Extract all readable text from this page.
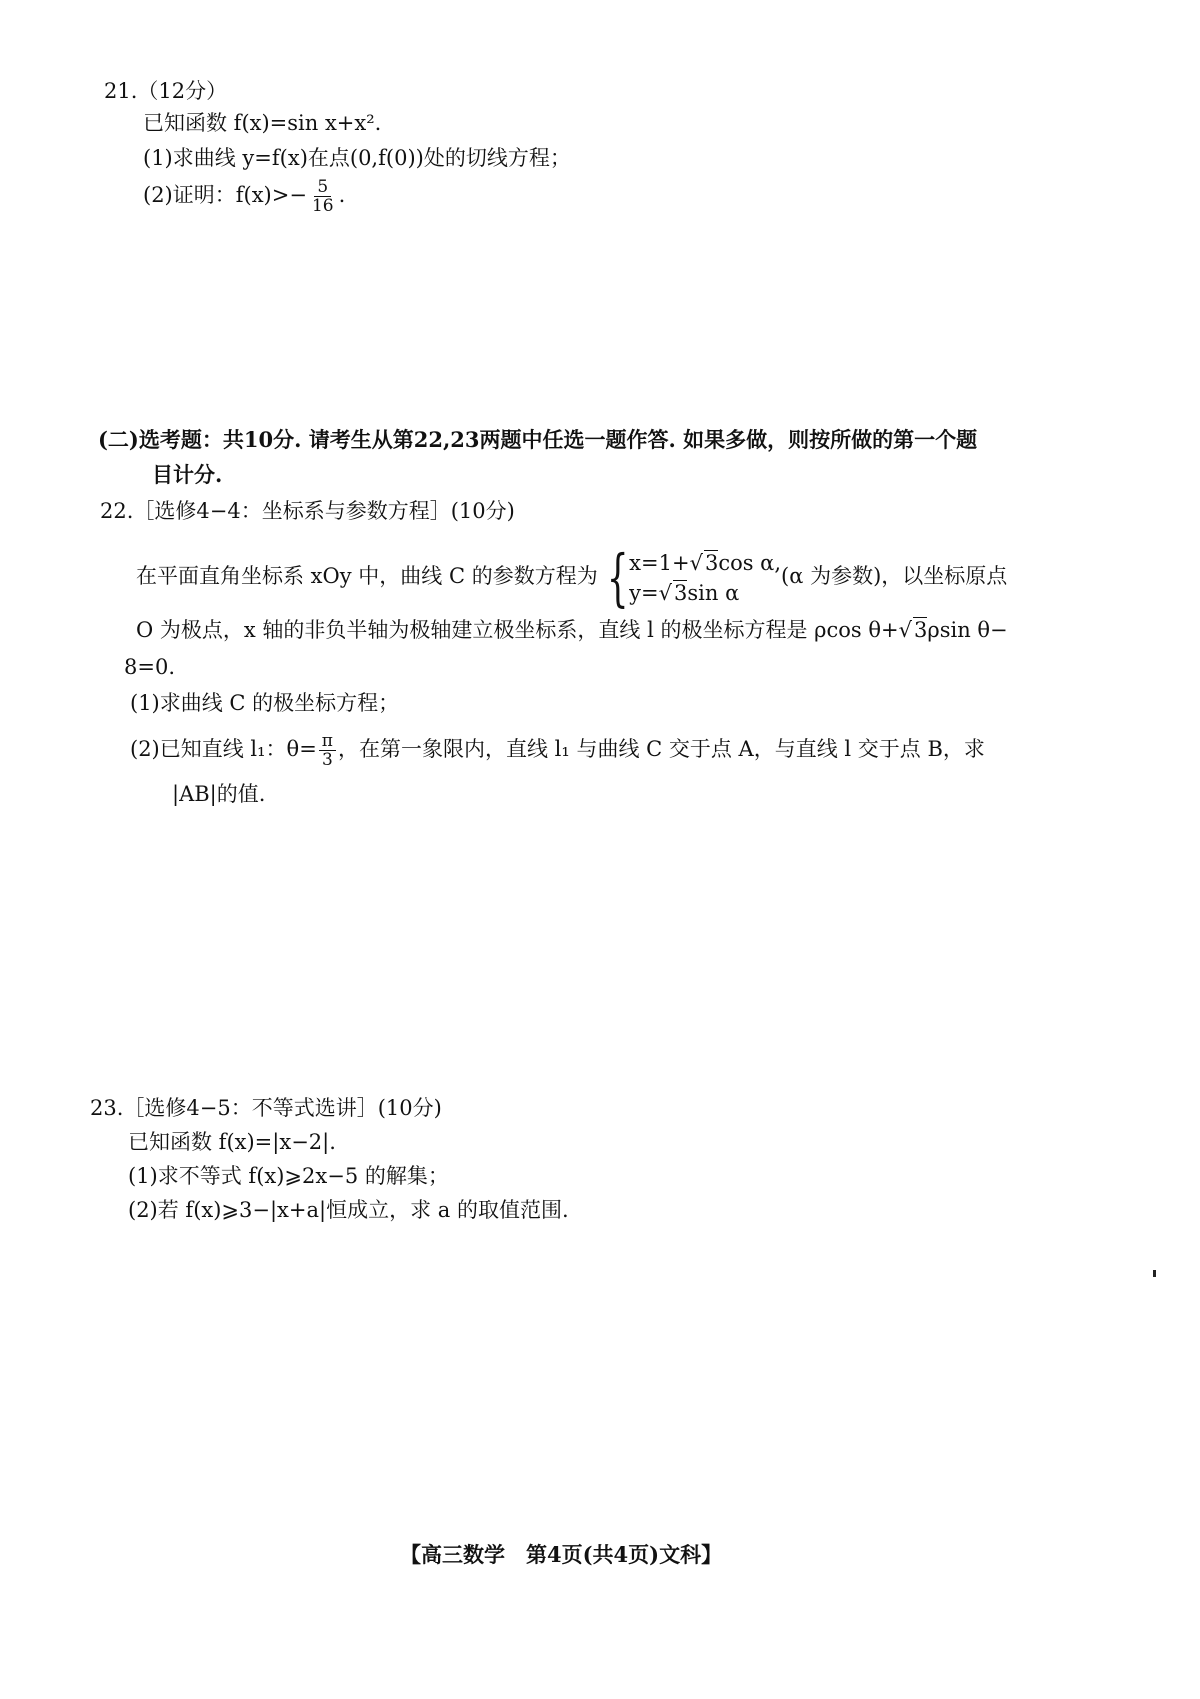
21.（12分）
已知函数 f(x)=sin x+x².
(1)求曲线 y=f(x)在点(0,f(0))处的切线方程；
(2)证明：$f(x)>- \frac{5}{16}$ .
(二)选考题：共10分. 请考生从第22,23两题中任选一题作答. 如果多做，则按所做的第一个题
目计分.
22.［选修4−4：坐标系与参数方程］(10分)
在平面直角坐标系 xOy 中，曲线 C 的参数方程为 { x=1+√3cos α,
y=√3sin α
(α 为参数)，以坐标原点
O 为极点，x 轴的非负半轴为极轴建立极坐标系，直线 l 的极坐标方程是 ρcos θ+√3ρsin θ−
8=0.
(1)求曲线 C 的极坐标方程；
(2)已知直线 l₁：$\theta= \frac{\pi}{3}$ ，在第一象限内，直线 l₁ 与曲线 C 交于点 A，与直线 l 交于点 B，求
|AB|的值.
23.［选修4−5：不等式选讲］(10分)
已知函数 f(x)=|x−2|.
(1)求不等式 f(x)⩾2x−5 的解集；
(2)若 f(x)⩾3−|x+a|恒成立，求 a 的取值范围.
【高三数学　第4页(共4页)文科】
